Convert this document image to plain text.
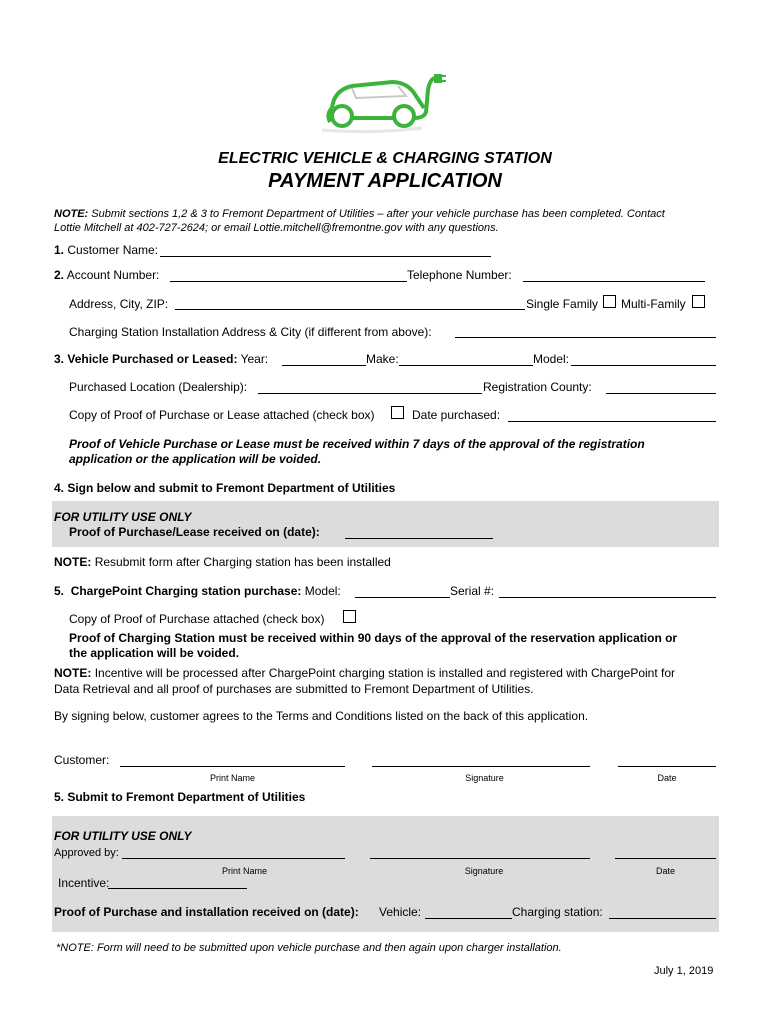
ELECTRIC VEHICLE & CHARGING STATION
PAYMENT APPLICATION
NOTE: Submit sections 1,2 & 3 to Fremont Department of Utilities – after your vehicle purchase has been completed. Contact
Lottie Mitchell at 402-727-2624; or email Lottie.mitchell@fremontne.gov with any questions.
1. Customer Name:
2. Account Number:	Telephone Number:
Address, City, ZIP:	Single Family Multi-Family
Charging Station Installation Address & City (if different from above):
3. Vehicle Purchased or Leased: Year:	Make:	Model:
Purchased Location (Dealership):	Registration County:
Copy of Proof of Purchase or Lease attached (check box)	Date purchased:
Proof of Vehicle Purchase or Lease must be received within 7 days of the approval of the registration
application or the application will be voided.
4. Sign below and submit to Fremont Department of Utilities
FOR UTILITY USE ONLY
Proof of Purchase/Lease received on (date):
NOTE: Resubmit form after Charging station has been installed
5. ChargePoint Charging station purchase: Model:	Serial #:
Copy of Proof of Purchase attached (check box)
Proof of Charging Station must be received within 90 days of the approval of the reservation application or
the application will be voided.
NOTE: Incentive will be processed after ChargePoint charging station is installed and registered with ChargePoint for
Data Retrieval and all proof of purchases are submitted to Fremont Department of Utilities.
By signing below, customer agrees to the Terms and Conditions listed on the back of this application.
Customer:
Print Name	Signature	Date
5. Submit to Fremont Department of Utilities
FOR UTILITY USE ONLY
Approved by:
Print Name	Signature	Date
Incentive:
Proof of Purchase and installation received on (date): Vehicle:	Charging station:
*NOTE: Form will need to be submitted upon vehicle purchase and then again upon charger installation.
July 1, 2019
